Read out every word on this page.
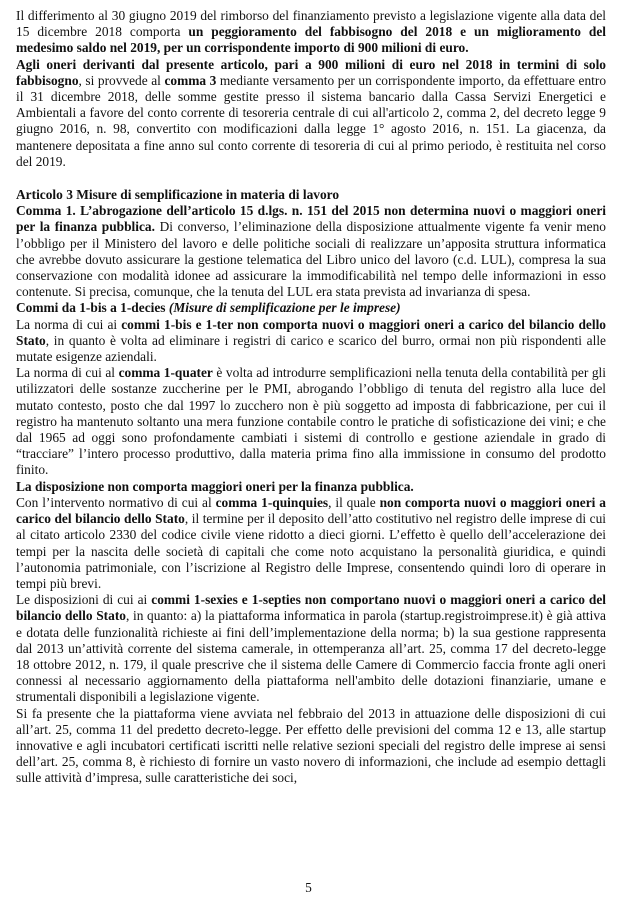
Il differimento al 30 giugno 2019 del rimborso del finanziamento previsto a legislazione vigente alla data del 15 dicembre 2018 comporta un peggioramento del fabbisogno del 2018 e un miglioramento del medesimo saldo nel 2019, per un corrispondente importo di 900 milioni di euro.

Agli oneri derivanti dal presente articolo, pari a 900 milioni di euro nel 2018 in termini di solo fabbisogno, si provvede al comma 3 mediante versamento per un corrispondente importo, da effettuare entro il 31 dicembre 2018, delle somme gestite presso il sistema bancario dalla Cassa Servizi Energetici e Ambientali a favore del conto corrente di tesoreria centrale di cui all'articolo 2, comma 2, del decreto legge 9 giugno 2016, n. 98, convertito con modificazioni dalla legge 1° agosto 2016, n. 151. La giacenza, da mantenere depositata a fine anno sul conto corrente di tesoreria di cui al primo periodo, è restituita nel corso del 2019.

Articolo 3 Misure di semplificazione in materia di lavoro

Comma 1. L’abrogazione dell’articolo 15 d.lgs. n. 151 del 2015 non determina nuovi o maggiori oneri per la finanza pubblica. Di converso, l’eliminazione della disposizione attualmente vigente fa venir meno l’obbligo per il Ministero del lavoro e delle politiche sociali di realizzare un’apposita struttura informatica che avrebbe dovuto assicurare la gestione telematica del Libro unico del lavoro (c.d. LUL), compresa la sua conservazione con modalità idonee ad assicurare la immodificabilità nel tempo delle informazioni in esso contenute. Si precisa, comunque, che la tenuta del LUL era stata prevista ad invarianza di spesa.

Commi da 1-bis a 1-decies (Misure di semplificazione per le imprese)

La norma di cui ai commi 1-bis e 1-ter non comporta nuovi o maggiori oneri a carico del bilancio dello Stato, in quanto è volta ad eliminare i registri di carico e scarico del burro, ormai non più rispondenti alle mutate esigenze aziendali.

La norma di cui al comma 1-quater è volta ad introdurre semplificazioni nella tenuta della contabilità per gli utilizzatori delle sostanze zuccherine per le PMI, abrogando l’obbligo di tenuta del registro alla luce del mutato contesto, posto che dal 1997 lo zucchero non è più soggetto ad imposta di fabbricazione, per cui il registro ha mantenuto soltanto una mera funzione contabile contro le pratiche di sofisticazione dei vini; e che dal 1965 ad oggi sono profondamente cambiati i sistemi di controllo e gestione aziendale in grado di “tracciare” l’intero processo produttivo, dalla materia prima fino alla immissione in consumo del prodotto finito.

La disposizione non comporta maggiori oneri per la finanza pubblica.

Con l’intervento normativo di cui al comma 1-quinquies, il quale non comporta nuovi o maggiori oneri a carico del bilancio dello Stato, il termine per il deposito dell’atto costitutivo nel registro delle imprese di cui al citato articolo 2330 del codice civile viene ridotto a dieci giorni. L’effetto è quello dell’accelerazione dei tempi per la nascita delle società di capitali che come noto acquistano la personalità giuridica, e quindi l’autonomia patrimoniale, con l’iscrizione al Registro delle Imprese, consentendo quindi loro di operare in tempi più brevi.

Le disposizioni di cui ai commi 1-sexies e 1-septies non comportano nuovi o maggiori oneri a carico del bilancio dello Stato, in quanto: a) la piattaforma informatica in parola (startup.registroimprese.it) è già attiva e dotata delle funzionalità richieste ai fini dell’implementazione della norma; b) la sua gestione rappresenta dal 2013 un’attività corrente del sistema camerale, in ottemperanza all’art. 25, comma 17 del decreto-legge 18 ottobre 2012, n. 179, il quale prescrive che il sistema delle Camere di Commercio faccia fronte agli oneri connessi al necessario aggiornamento della piattaforma nell'ambito delle dotazioni finanziarie, umane e strumentali disponibili a legislazione vigente.

Si fa presente che la piattaforma viene avviata nel febbraio del 2013 in attuazione delle disposizioni di cui all’art. 25, comma 11 del predetto decreto-legge. Per effetto delle previsioni del comma 12 e 13, alle startup innovative e agli incubatori certificati iscritti nelle relative sezioni speciali del registro delle imprese ai sensi dell’art. 25, comma 8, è richiesto di fornire un vasto novero di informazioni, che include ad esempio dettagli sulle attività d’impresa, sulle caratteristiche dei soci,

5
